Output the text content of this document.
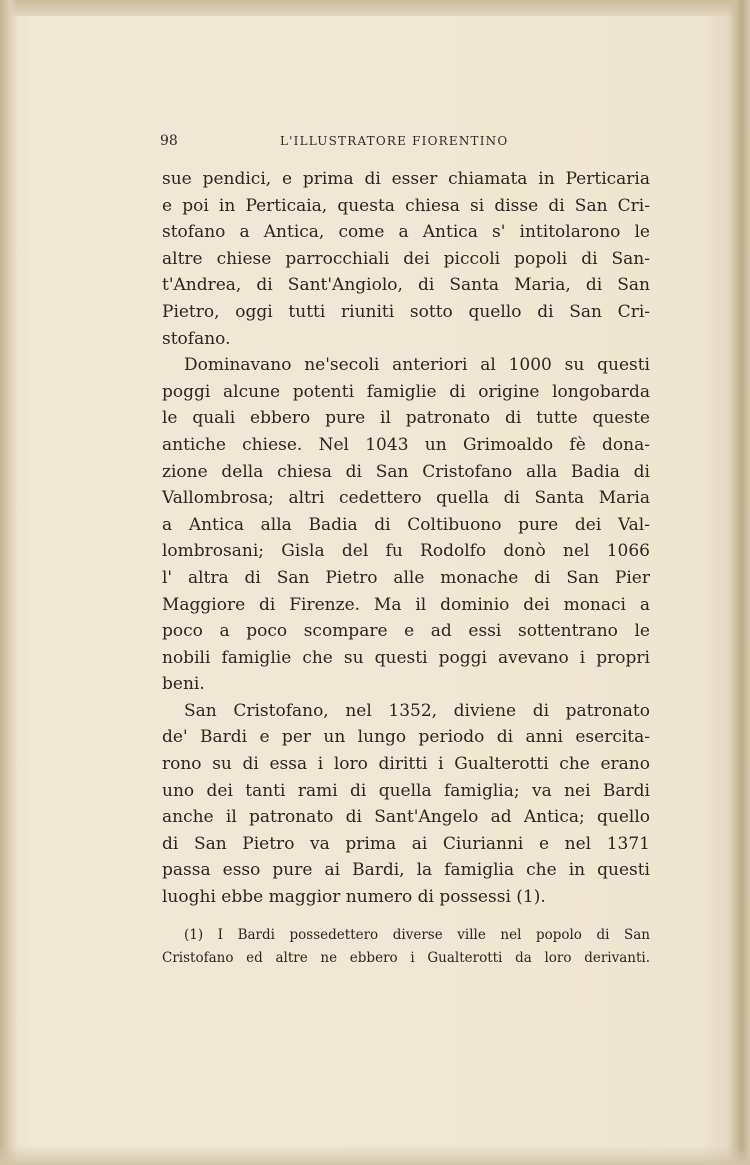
98	L'ILLUSTRATORE FIORENTINO
sue pendici, e prima di esser chiamata in Perticaria
e poi in Perticaia, questa chiesa si disse di San Cri-
stofano a Antica, come a Antica s' intitolarono le
altre chiese parrocchiali dei piccoli popoli di San-
t'Andrea, di Sant'Angiolo, di Santa Maria, di San
Pietro, oggi tutti riuniti sotto quello di San Cri-
stofano.
Dominavano ne'secoli anteriori al 1000 su questi
poggi alcune potenti famiglie di origine longobarda
le quali ebbero pure il patronato di tutte queste
antiche chiese. Nel 1043 un Grimoaldo fè dona-
zione della chiesa di San Cristofano alla Badia di
Vallombrosa; altri cedettero quella di Santa Maria
a Antica alla Badia di Coltibuono pure dei Val-
lombrosani; Gisla del fu Rodolfo donò nel 1066
l' altra di San Pietro alle monache di San Pier
Maggiore di Firenze. Ma il dominio dei monaci a
poco a poco scompare e ad essi sottentrano le
nobili famiglie che su questi poggi avevano i propri
beni.
San Cristofano, nel 1352, diviene di patronato
de' Bardi e per un lungo periodo di anni esercita-
rono su di essa i loro diritti i Gualterotti che erano
uno dei tanti rami di quella famiglia; va nei Bardi
anche il patronato di Sant'Angelo ad Antica; quello
di San Pietro va prima ai Ciurianni e nel 1371
passa esso pure ai Bardi, la famiglia che in questi
luoghi ebbe maggior numero di possessi (1).
(1) I Bardi possedettero diverse ville nel popolo di San
Cristofano ed altre ne ebbero i Gualterotti da loro derivanti.
